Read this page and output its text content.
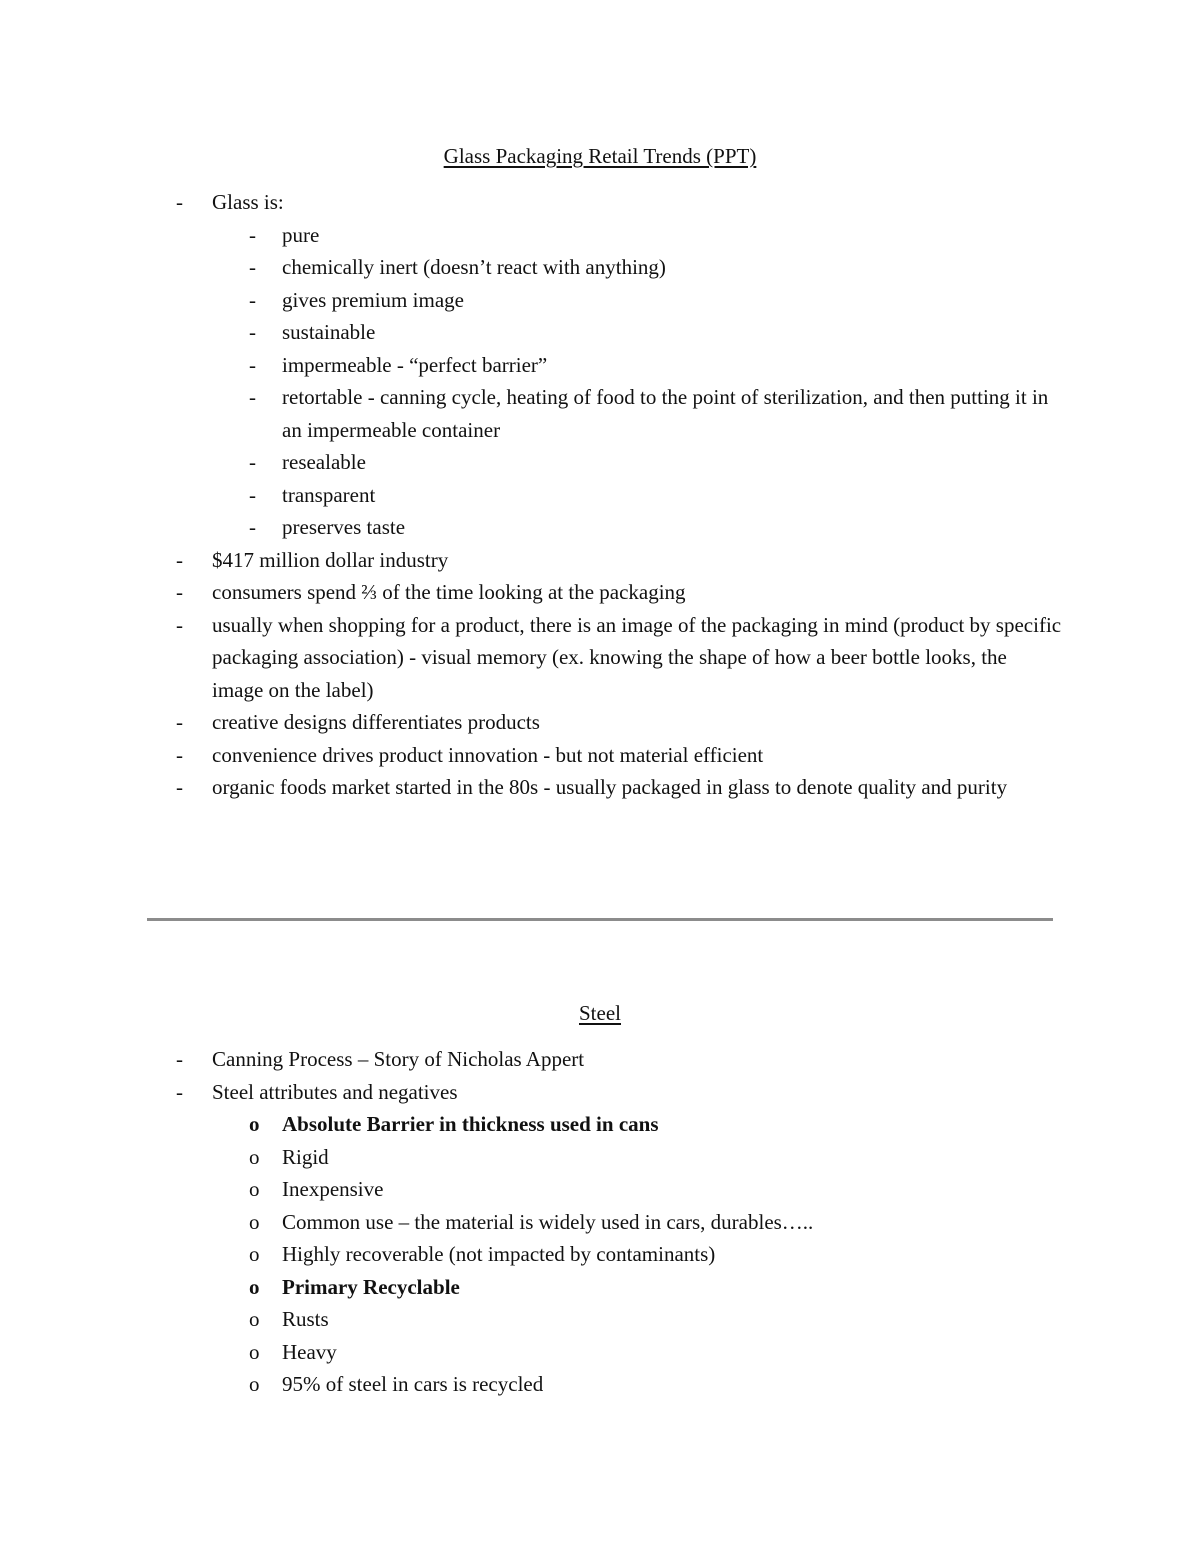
Glass Packaging Retail Trends (PPT)
- Glass is:
- pure
- chemically inert (doesn’t react with anything)
- gives premium image
- sustainable
- impermeable - “perfect barrier”
- retortable - canning cycle, heating of food to the point of sterilization, and then putting it in an impermeable container
- resealable
- transparent
- preserves taste
- $417 million dollar industry
- consumers spend ⅔ of the time looking at the packaging
- usually when shopping for a product, there is an image of the packaging in mind (product by specific packaging association) - visual memory (ex. knowing the shape of how a beer bottle looks, the image on the label)
- creative designs differentiates products
- convenience drives product innovation - but not material efficient
- organic foods market started in the 80s - usually packaged in glass to denote quality and purity
Steel
- Canning Process – Story of Nicholas Appert
- Steel attributes and negatives
o Absolute Barrier in thickness used in cans
o Rigid
o Inexpensive
o Common use – the material is widely used in cars, durables…..
o Highly recoverable (not impacted by contaminants)
o Primary Recyclable
o Rusts
o Heavy
o 95% of steel in cars is recycled
